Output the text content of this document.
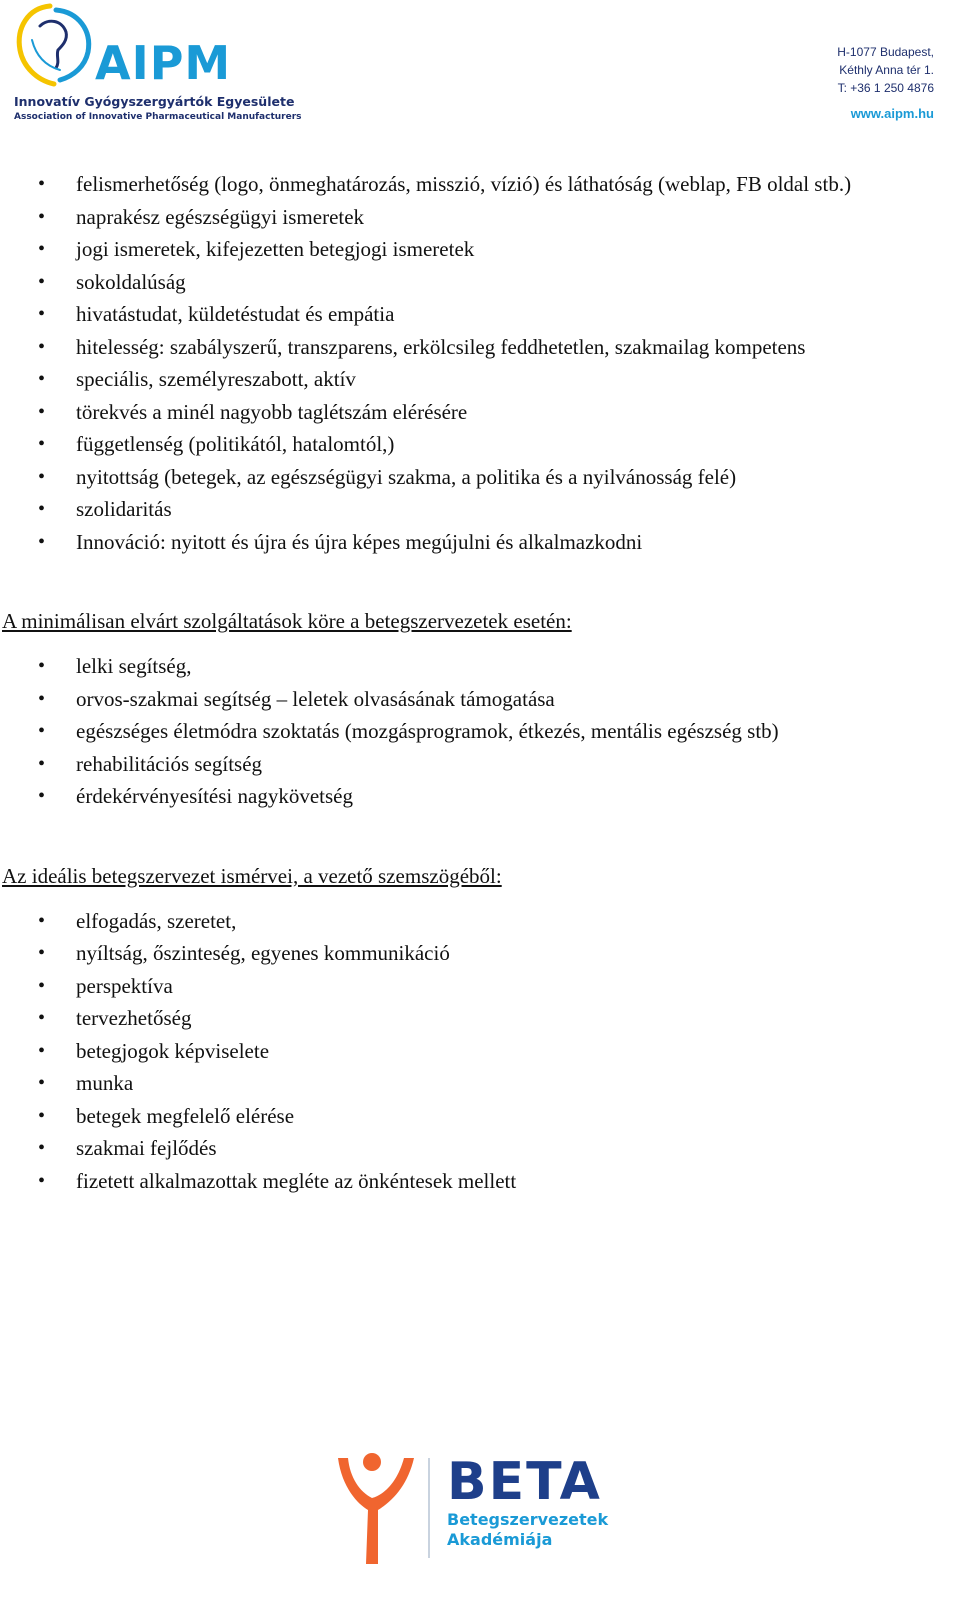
AIPM

Innovatív Gyógyszergyártók Egyesülete

Association of Innovative Pharmaceutical Manufacturers

H-1077 Budapest,
Kéthly Anna tér 1.
T: +36 1 250 4876
www.aipm.hu
• felismerhetőség (logo, önmeghatározás, misszió, vízió) és láthatóság (weblap, FB oldal stb.)
• naprakész egészségügyi ismeretek
• jogi ismeretek, kifejezetten betegjogi ismeretek
• sokoldalúság
• hivatástudat, küldetéstudat és empátia
• hitelesség: szabályszerű, transzparens, erkölcsileg feddhetetlen, szakmailag kompetens
• speciális, személyreszabott, aktív
• törekvés a minél nagyobb taglétszám elérésére
• függetlenség (politikától, hatalomtól,)
• nyitottság (betegek, az egészségügyi szakma, a politika és a nyilvánosság felé)
• szolidaritás
• Innováció: nyitott és újra és újra képes megújulni és alkalmazkodni
A minimálisan elvárt szolgáltatások köre a betegszervezetek esetén:
• lelki segítség,
• orvos-szakmai segítség – leletek olvasásának támogatása
• egészséges életmódra szoktatás (mozgásprogramok, étkezés, mentális egészség stb)
• rehabilitációs segítség
• érdekérvényesítési nagykövetség
Az ideális betegszervezet ismérvei, a vezető szemszögéből:
• elfogadás, szeretet,
• nyíltság, őszinteség, egyenes kommunikáció
• perspektíva
• tervezhetőség
• betegjogok képviselete
• munka
• betegek megfelelő elérése
• szakmai fejlődés
• fizetett alkalmazottak megléte az önkéntesek mellett

BETA

Betegszervezetek

Akadémiája
